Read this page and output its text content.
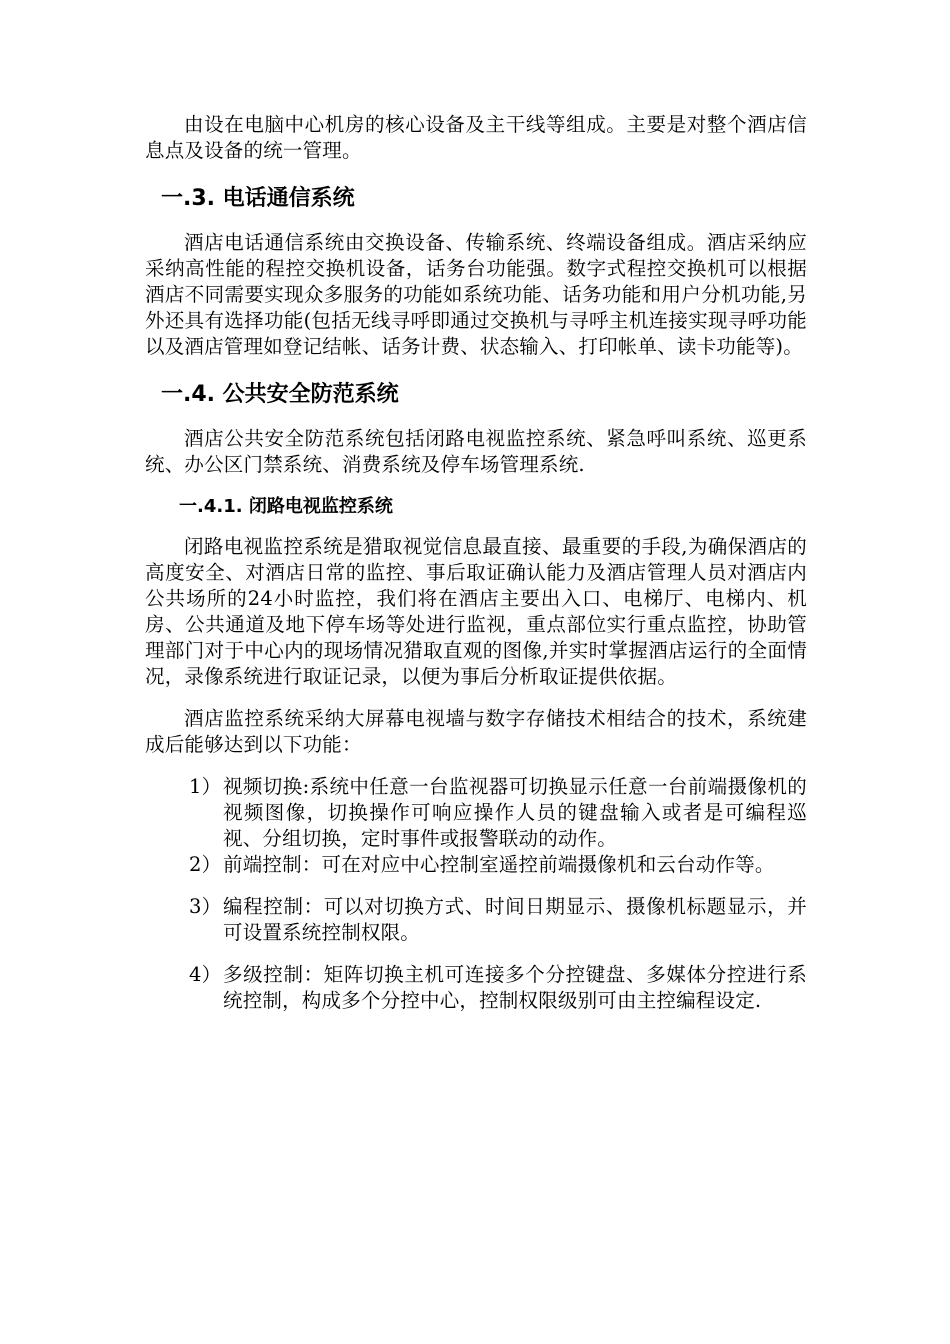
由设在电脑中心机房的核心设备及主干线等组成。主要是对整个酒店信息点及设备的统一管理。

一.3. 电话通信系统

酒店电话通信系统由交换设备、传输系统、终端设备组成。酒店采纳应采纳高性能的程控交换机设备，话务台功能强。数字式程控交换机可以根据酒店不同需要实现众多服务的功能如系统功能、话务功能和用户分机功能,另外还具有选择功能(包括无线寻呼即通过交换机与寻呼主机连接实现寻呼功能以及酒店管理如登记结帐、话务计费、状态输入、打印帐单、读卡功能等)。

一.4. 公共安全防范系统

酒店公共安全防范系统包括闭路电视监控系统、紧急呼叫系统、巡更系统、办公区门禁系统、消费系统及停车场管理系统.

一.4.1. 闭路电视监控系统

闭路电视监控系统是猎取视觉信息最直接、最重要的手段,为确保酒店的高度安全、对酒店日常的监控、事后取证确认能力及酒店管理人员对酒店内公共场所的24小时监控，我们将在酒店主要出入口、电梯厅、电梯内、机房、公共通道及地下停车场等处进行监视，重点部位实行重点监控，协助管理部门对于中心内的现场情况猎取直观的图像,并实时掌握酒店运行的全面情况，录像系统进行取证记录，以便为事后分析取证提供依据。

酒店监控系统采纳大屏幕电视墙与数字存储技术相结合的技术，系统建成后能够达到以下功能：

1） 视频切换:系统中任意一台监视器可切换显示任意一台前端摄像机的视频图像，切换操作可响应操作人员的键盘输入或者是可编程巡视、分组切换，定时事件或报警联动的动作。
2） 前端控制：可在对应中心控制室遥控前端摄像机和云台动作等。
3） 编程控制：可以对切换方式、时间日期显示、摄像机标题显示，并可设置系统控制权限。
4） 多级控制：矩阵切换主机可连接多个分控键盘、多媒体分控进行系统控制，构成多个分控中心，控制权限级别可由主控编程设定.
